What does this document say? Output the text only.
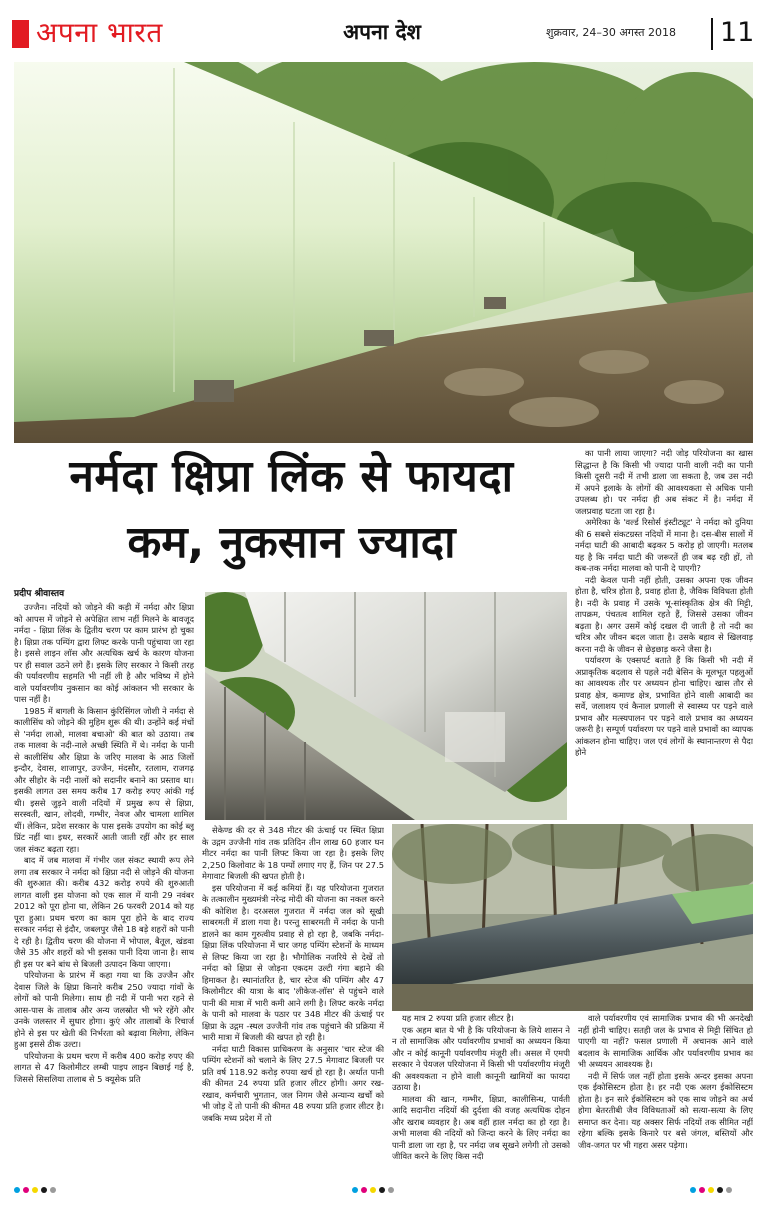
अपना भारत	अपना देश	शुक्रवार, 24–30 अगस्त 2018 11
नर्मदा क्षिप्रा लिंक से फायदा
कम, नुकसान ज्यादा
प्रदीप श्रीवास्तव

उज्जैन। नदियों को जोड़ने की कड़ी में नर्मदा और क्षिप्रा को आपस में जोड़ने से अपेक्षित लाभ नहीं मिलने के बावजूद नर्मदा - क्षिप्रा लिंक के द्वितीय चरण पर काम प्रारंभ हो चुका है। क्षिप्रा तक पम्पिंग द्वारा लिफ्ट करके पानी पहुंचाया जा रहा है। इससे लाइन लॉस और अत्यधिक खर्च के कारण योजना पर ही सवाल उठने लगे हैं। इसके लिए सरकार ने किसी तरह की पर्यावरणीय सहमति भी नहीं ली है और भविष्य में होने वाले पर्यावरणीय नुकसान का कोई आंकलन भी सरकार के पास नहीं है।

1985 में बागली के किसान कुंरिसिंगल जोशी ने नर्मदा से कालीसिंध को जोड़ने की मुहिम शुरू की थी। उन्होंने कई मंचों से 'नर्मदा लाओ, मालवा बचाओ' की बात को उठाया। तब तक मालवा के नदी-नाले अच्छी स्थिति में थे। नर्मदा के पानी से कालीसिंध और क्षिप्रा के जरिए मालवा के आठ जिलों इन्दौर, देवास, शाजापुर, उज्जैन, मंदसौर, रतलाम, राजगढ़ और सीहोर के नदी नालों को सदानीर बनाने का प्रस्ताव था। इसकी लागत उस समय करीब 17 करोड़ रुपए आंकी गई थी। इससे जुड़ने वाली नदियों में प्रमुख रूप से क्षिप्रा, सरस्वती, खान, लोदवी, गम्भीर, नेवज और चामला शामिल थीं। लेकिन, प्रदेश सरकार के पास इसके उपयोग का कोई ब्लू प्रिंट नहीं था। इधर, सरकारें आती जाती रहीं और हर साल जल संकट बढ़ता रहा।

बाद में जब मालवा में गंभीर जल संकट स्थायी रूप लेने लगा तब सरकार ने नर्मदा को क्षिप्रा नदी से जोड़ने की योजना की शुरुआत की। करीब 432 करोड़ रुपये की शुरुआती लागत वाली इस योजना को एक साल में यानी 29 नवंबर 2012 को पूरा होना था, लेकिन 26 फरवरी 2014 को यह पूरा हुआ। प्रथम चरण का काम पूरा होने के बाद राज्य सरकार नर्मदा से इंदौर, जबलपुर जैसे 18 बड़े शहरों को पानी दे रही है। द्वितीय चरण की योजना में भोपाल, बैतूल, खंडवा जैसे 35 और शहरों को भी इसका पानी दिया जाना है। साथ ही इस पर बने बांध से बिजली उत्पादन किया जाएगा।

परियोजना के प्रारंभ में कहा गया था कि उज्जैन और देवास जिले के क्षिप्रा किनारे करीब 250 ज्यादा गांवों के लोगों को पानी मिलेगा। साथ ही नदी में पानी भरा रहने से आस-पास के तालाब और अन्य जलस्रोत भी भरे रहेंगे और उनके जलस्तर में सुधार होगा। कुएं और तालाबों के रिचार्ज होने से इस पर खेती की निर्भरता को बढ़ावा मिलेगा, लेकिन हुआ इससे ठीक उल्टा।

परियोजना के प्रथम चरण में करीब 400 करोड़ रुपए की लागत से 47 किलोमीटर लम्बी पाइप लाइन बिछाई गई है, जिससे सिसलिया तालाब से 5 क्यूसेक प्रति

सेकेण्ड की दर से 348 मीटर की ऊंचाई पर स्थित क्षिप्रा के उद्गम उज्जैनी गांव तक प्रतिदिन तीन लाख 60 हजार घन मीटर नर्मदा का पानी लिफ्ट किया जा रहा है। इसके लिए 2,250 किलोवाट के 18 पम्पों लगाए गए हैं, जिन पर 27.5 मेगावाट बिजली की खपत होती है।

इस परियोजना में कई कमियां हैं। यह परियोजना गुजरात के तत्कालीन मुख्यमंत्री नरेन्द्र मोदी की योजना का नकल करने की कोशिश है। दरअसल गुजरात में नर्मदा जल को सूखी साबरमती में डाला गया है। परन्तु साबरमती में नर्मदा के पानी डालने का काम गुरुत्वीय प्रवाह से हो रहा है, जबकि नर्मदा-क्षिप्रा लिंक परियोजना में चार जगह पम्पिंग स्टेशनों के माध्यम से लिफ्ट किया जा रहा है। भौगोलिक नजरिये से देखें तो नर्मदा को क्षिप्रा से जोड़ना एकदम उल्टी गंगा बहाने की हिमाकत है। स्थानांतरित है, चार स्टेज की पम्पिंग और 47 किलोमीटर की यात्रा के बाद 'लीकेज-लॉस' से पहुंचने वाले पानी की मात्रा में भारी कमी आने लगी है। लिफ्ट करके नर्मदा के पानी को मालवा के पठार पर 348 मीटर की ऊंचाई पर क्षिप्रा के उद्गम -स्थल उज्जैनी गांव तक पहुंचाने की प्रक्रिया में भारी मात्रा में बिजली की खपत हो रही है।

नर्मदा घाटी विकास प्राधिकरण के अनुसार 'चार स्टेज की पम्पिंग स्टेशनों को चलाने के लिए 27.5 मेगावाट बिजली पर प्रति वर्ष 118.92 करोड़ रुपया खर्च हो रहा है। अर्थात पानी की कीमत 24 रुपया प्रति हजार लीटर होगी। अगर रख-रखाव, कर्मचारी भुगतान, जल निगम जैसे अन्यान्य खर्चों को भी जोड़ दें तो पानी की कीमत 48 रुपया प्रति हजार लीटर है। जबकि मध्य प्रदेश में तो

का पानी लाया जाएगा? नदी जोड़ परियोजना का खास सिद्धान्त है कि किसी भी ज्यादा पानी वाली नदी का पानी किसी दूसरी नदी में तभी डाला जा सकता है, जब उस नदी में अपने इलाके के लोगों की आवश्यकता से अधिक पानी उपलब्ध हो। पर नर्मदा ही अब संकट में है। नर्मदा में जलप्रवाह घटता जा रहा है।

अमेरिका के 'वर्ल्ड रिसोर्स इंस्टीट्यूट' ने नर्मदा को दुनिया की 6 सबसे संकटग्रस्त नदियों में माना है। दस-बीस सालों में नर्मदा घाटी की आबादी बढ़कर 5 करोड़ हो जाएगी। मतलब यह है कि नर्मदा घाटी की जरूरतें ही जब बढ़ रही हों, तो कब-तक नर्मदा मालवा को पानी दे पाएगी?

नदी केवल पानी नहीं होती, उसका अपना एक जीवन होता है, चरित्र होता है, प्रवाह होता है, जैविक विविधता होती है। नदी के प्रवाह में उसके भू-सांस्कृतिक क्षेत्र की मिट्टी, तापक्रम, पंचतत्व शामिल रहते हैं, जिससे उसका जीवन बढ़ता है। अगर उसमें कोई दखल दी जाती है तो नदी का चरित्र और जीवन बदल जाता है। उसके बहाव से खिलवाड़ करना नदी के जीवन से छेड़छाड़ करने जैसा है।

पर्यावरण के एक्सपर्ट बताते हैं कि किसी भी नदी में अप्राकृतिक बदलाव से पहले नदी बेसिन के मूलभूत पहलुओं का आवश्यक तौर पर अध्ययन होना चाहिए। खास तौर से प्रवाह क्षेत्र, कमाण्ड क्षेत्र, प्रभावित होने वाली आबादी का सर्वे, जलाशय एवं कैनाल प्रणाली से स्वास्थ्य पर पड़ने वाले प्रभाव और मत्स्यपालन पर पड़ने वाले प्रभाव का अध्ययन जरूरी है। सम्पूर्ण पर्यावरण पर पड़ने वाले प्रभावों का व्यापक आंकलन होना चाहिए। जल एवं लोगों के स्थानान्तरण से पैदा होने

यह मात्र 2 रुपया प्रति हजार लीटर है।

एक अहम बात ये भी है कि परियोजना के लिये शासन ने न तो सामाजिक और पर्यावरणीय प्रभावों का अध्ययन किया और न कोई कानूनी पर्यावरणीय मंजूरी ली। असल में एमपी सरकार ने पेयजल परियोजना में किसी भी पर्यावरणीय मंजूरी की अवश्यकता न होने वाली कानूनी खामियों का फायदा उठाया है।

मालवा की खान, गम्भीर, क्षिप्रा, कालीसिन्ध, पार्वती आदि सदानीरा नदियों की दुर्दशा की वजह अत्यधिक दोहन और खराब व्यवहार है। अब वहीं हाल नर्मदा का हो रहा है। अभी मालवा की नदियों को जिन्दा करने के लिए नर्मदा का पानी डाला जा रहा है, पर नर्मदा जब सूखने लगेगी तो उसको जीवित करने के लिए किस नदी

वाले पर्यावरणीय एवं सामाजिक प्रभाव की भी अनदेखी नहीं होनी चाहिए। सतही जल के प्रभाव से मिट्टी सिंचित हो पाएगी या नहीं? फसल प्रणाली में अचानक आने वाले बदलाव के सामाजिक आर्थिक और पर्यावरणीय प्रभाव का भी अध्ययन आवश्यक है।

नदी में सिर्फ जल नहीं होता इसके अन्दर इसका अपना एक ईकोसिस्टम होता है। हर नदी एक अलग ईकोसिस्टम होता है। इन सारे ईकोसिस्टम को एक साथ जोड़ने का अर्थ होगा बेतरतीबी जैव विविधताओं को सत्या-सत्या के लिए समाप्त कर देना। यह अक्सर सिर्फ नदियों तक सीमित नहीं रहेगा बल्कि इसके किनारे पर बसे जंगल, बस्तियों और जीव-जगत पर भी गहरा असर पड़ेगा।
